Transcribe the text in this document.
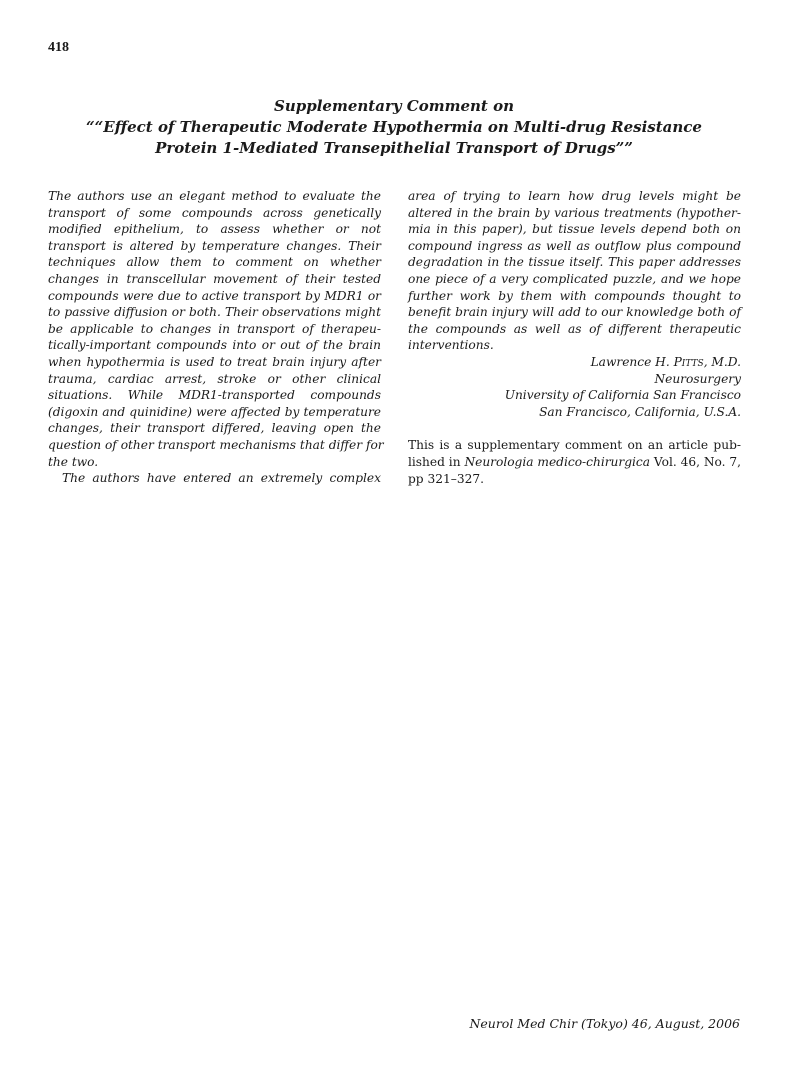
418
Supplementary Comment on
““Effect of Therapeutic Moderate Hypothermia on Multi-drug Resistance
Protein 1-Mediated Transepithelial Transport of Drugs””
The authors use an elegant method to evaluate the
transport of some compounds across genetically
modified epithelium, to assess whether or not
transport is altered by temperature changes. Their
techniques allow them to comment on whether
changes in transcellular movement of their tested
compounds were due to active transport by MDR1 or
to passive diffusion or both. Their observations might
be applicable to changes in transport of therapeu-
tically-important compounds into or out of the brain
when hypothermia is used to treat brain injury after
trauma, cardiac arrest, stroke or other clinical
situations. While MDR1-transported compounds
(digoxin and quinidine) were affected by temperature
changes, their transport differed, leaving open the
question of other transport mechanisms that differ for
the two.
The authors have entered an extremely complex
area of trying to learn how drug levels might be
altered in the brain by various treatments (hypother-
mia in this paper), but tissue levels depend both on
compound ingress as well as outflow plus compound
degradation in the tissue itself. This paper addresses
one piece of a very complicated puzzle, and we hope
further work by them with compounds thought to
benefit brain injury will add to our knowledge both of
the compounds as well as of different therapeutic
interventions.
Lawrence H. Pitts, M.D.
Neurosurgery
University of California San Francisco
San Francisco, California, U.S.A.
This is a supplementary comment on an article pub-
lished in Neurologia medico-chirurgica Vol. 46, No. 7,
pp 321–327.
Neurol Med Chir (Tokyo) 46, August, 2006
